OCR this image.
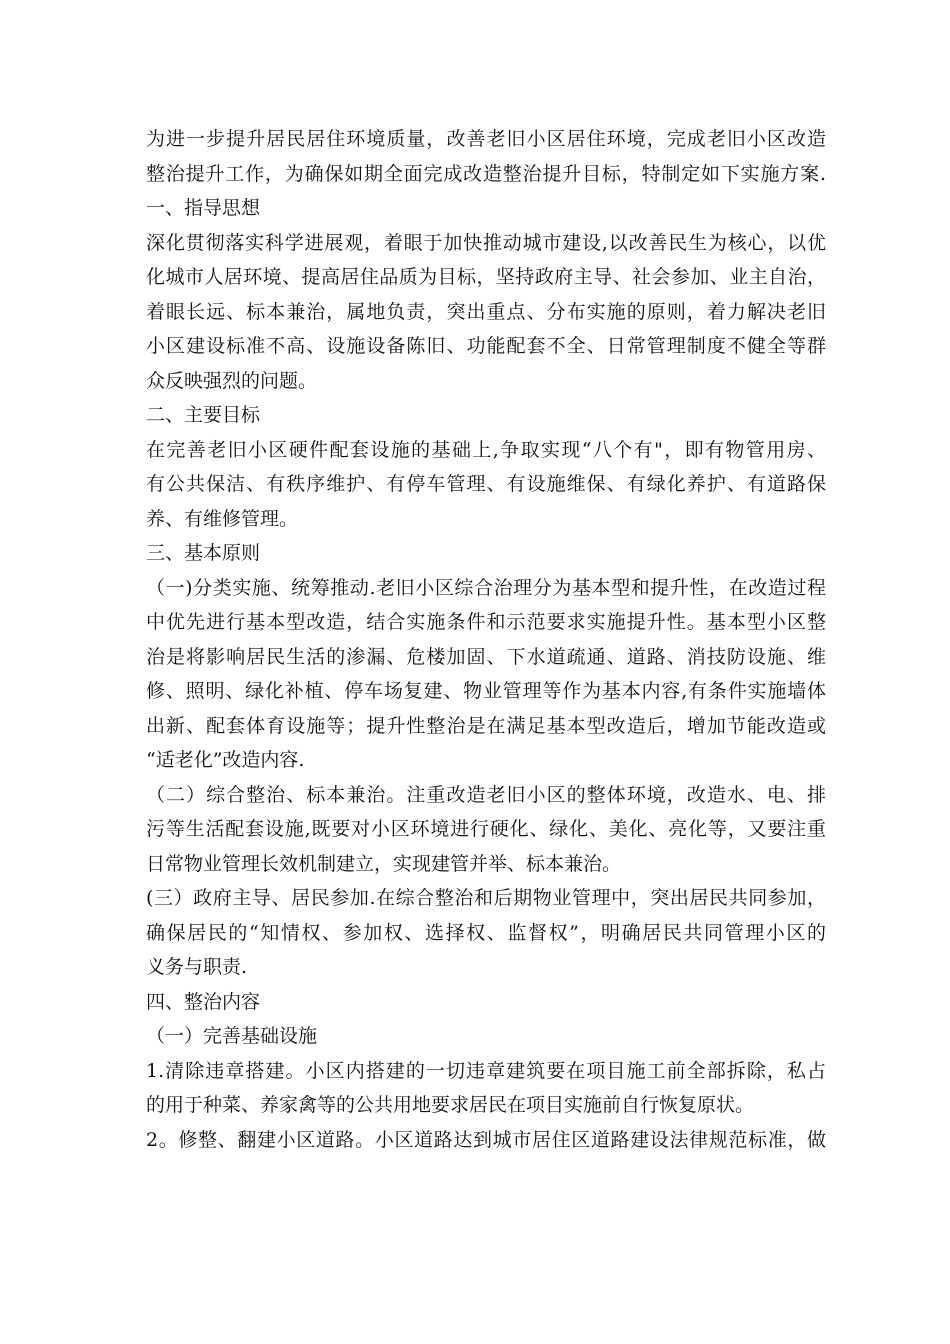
为进一步提升居民居住环境质量，改善老旧小区居住环境，完成老旧小区改造
整治提升工作，为确保如期全面完成改造整治提升目标，特制定如下实施方案.
一、指导思想
深化贯彻落实科学进展观，着眼于加快推动城市建设,以改善民生为核心，以优
化城市人居环境、提高居住品质为目标，坚持政府主导、社会参加、业主自治，
着眼长远、标本兼治，属地负责，突出重点、分布实施的原则，着力解决老旧
小区建设标准不高、设施设备陈旧、功能配套不全、日常管理制度不健全等群
众反映强烈的问题。
二、主要目标
在完善老旧小区硬件配套设施的基础上,争取实现“八个有"，即有物管用房、
有公共保洁、有秩序维护、有停车管理、有设施维保、有绿化养护、有道路保
养、有维修管理。
三、基本原则
（一)分类实施、统筹推动.老旧小区综合治理分为基本型和提升性，在改造过程
中优先进行基本型改造，结合实施条件和示范要求实施提升性。基本型小区整
治是将影响居民生活的渗漏、危楼加固、下水道疏通、道路、消技防设施、维
修、照明、绿化补植、停车场复建、物业管理等作为基本内容,有条件实施墙体
出新、配套体育设施等；提升性整治是在满足基本型改造后，增加节能改造或
“适老化”改造内容.
（二）综合整治、标本兼治。注重改造老旧小区的整体环境，改造水、电、排
污等生活配套设施,既要对小区环境进行硬化、绿化、美化、亮化等，又要注重
日常物业管理长效机制建立，实现建管并举、标本兼治。
(三）政府主导、居民参加.在综合整治和后期物业管理中，突出居民共同参加，
确保居民的“知情权、参加权、选择权、监督权”，明确居民共同管理小区的
义务与职责.
四、整治内容
（一）完善基础设施
1.清除违章搭建。小区内搭建的一切违章建筑要在项目施工前全部拆除，私占
的用于种菜、养家禽等的公共用地要求居民在项目实施前自行恢复原状。
2。修整、翻建小区道路。小区道路达到城市居住区道路建设法律规范标准，做
